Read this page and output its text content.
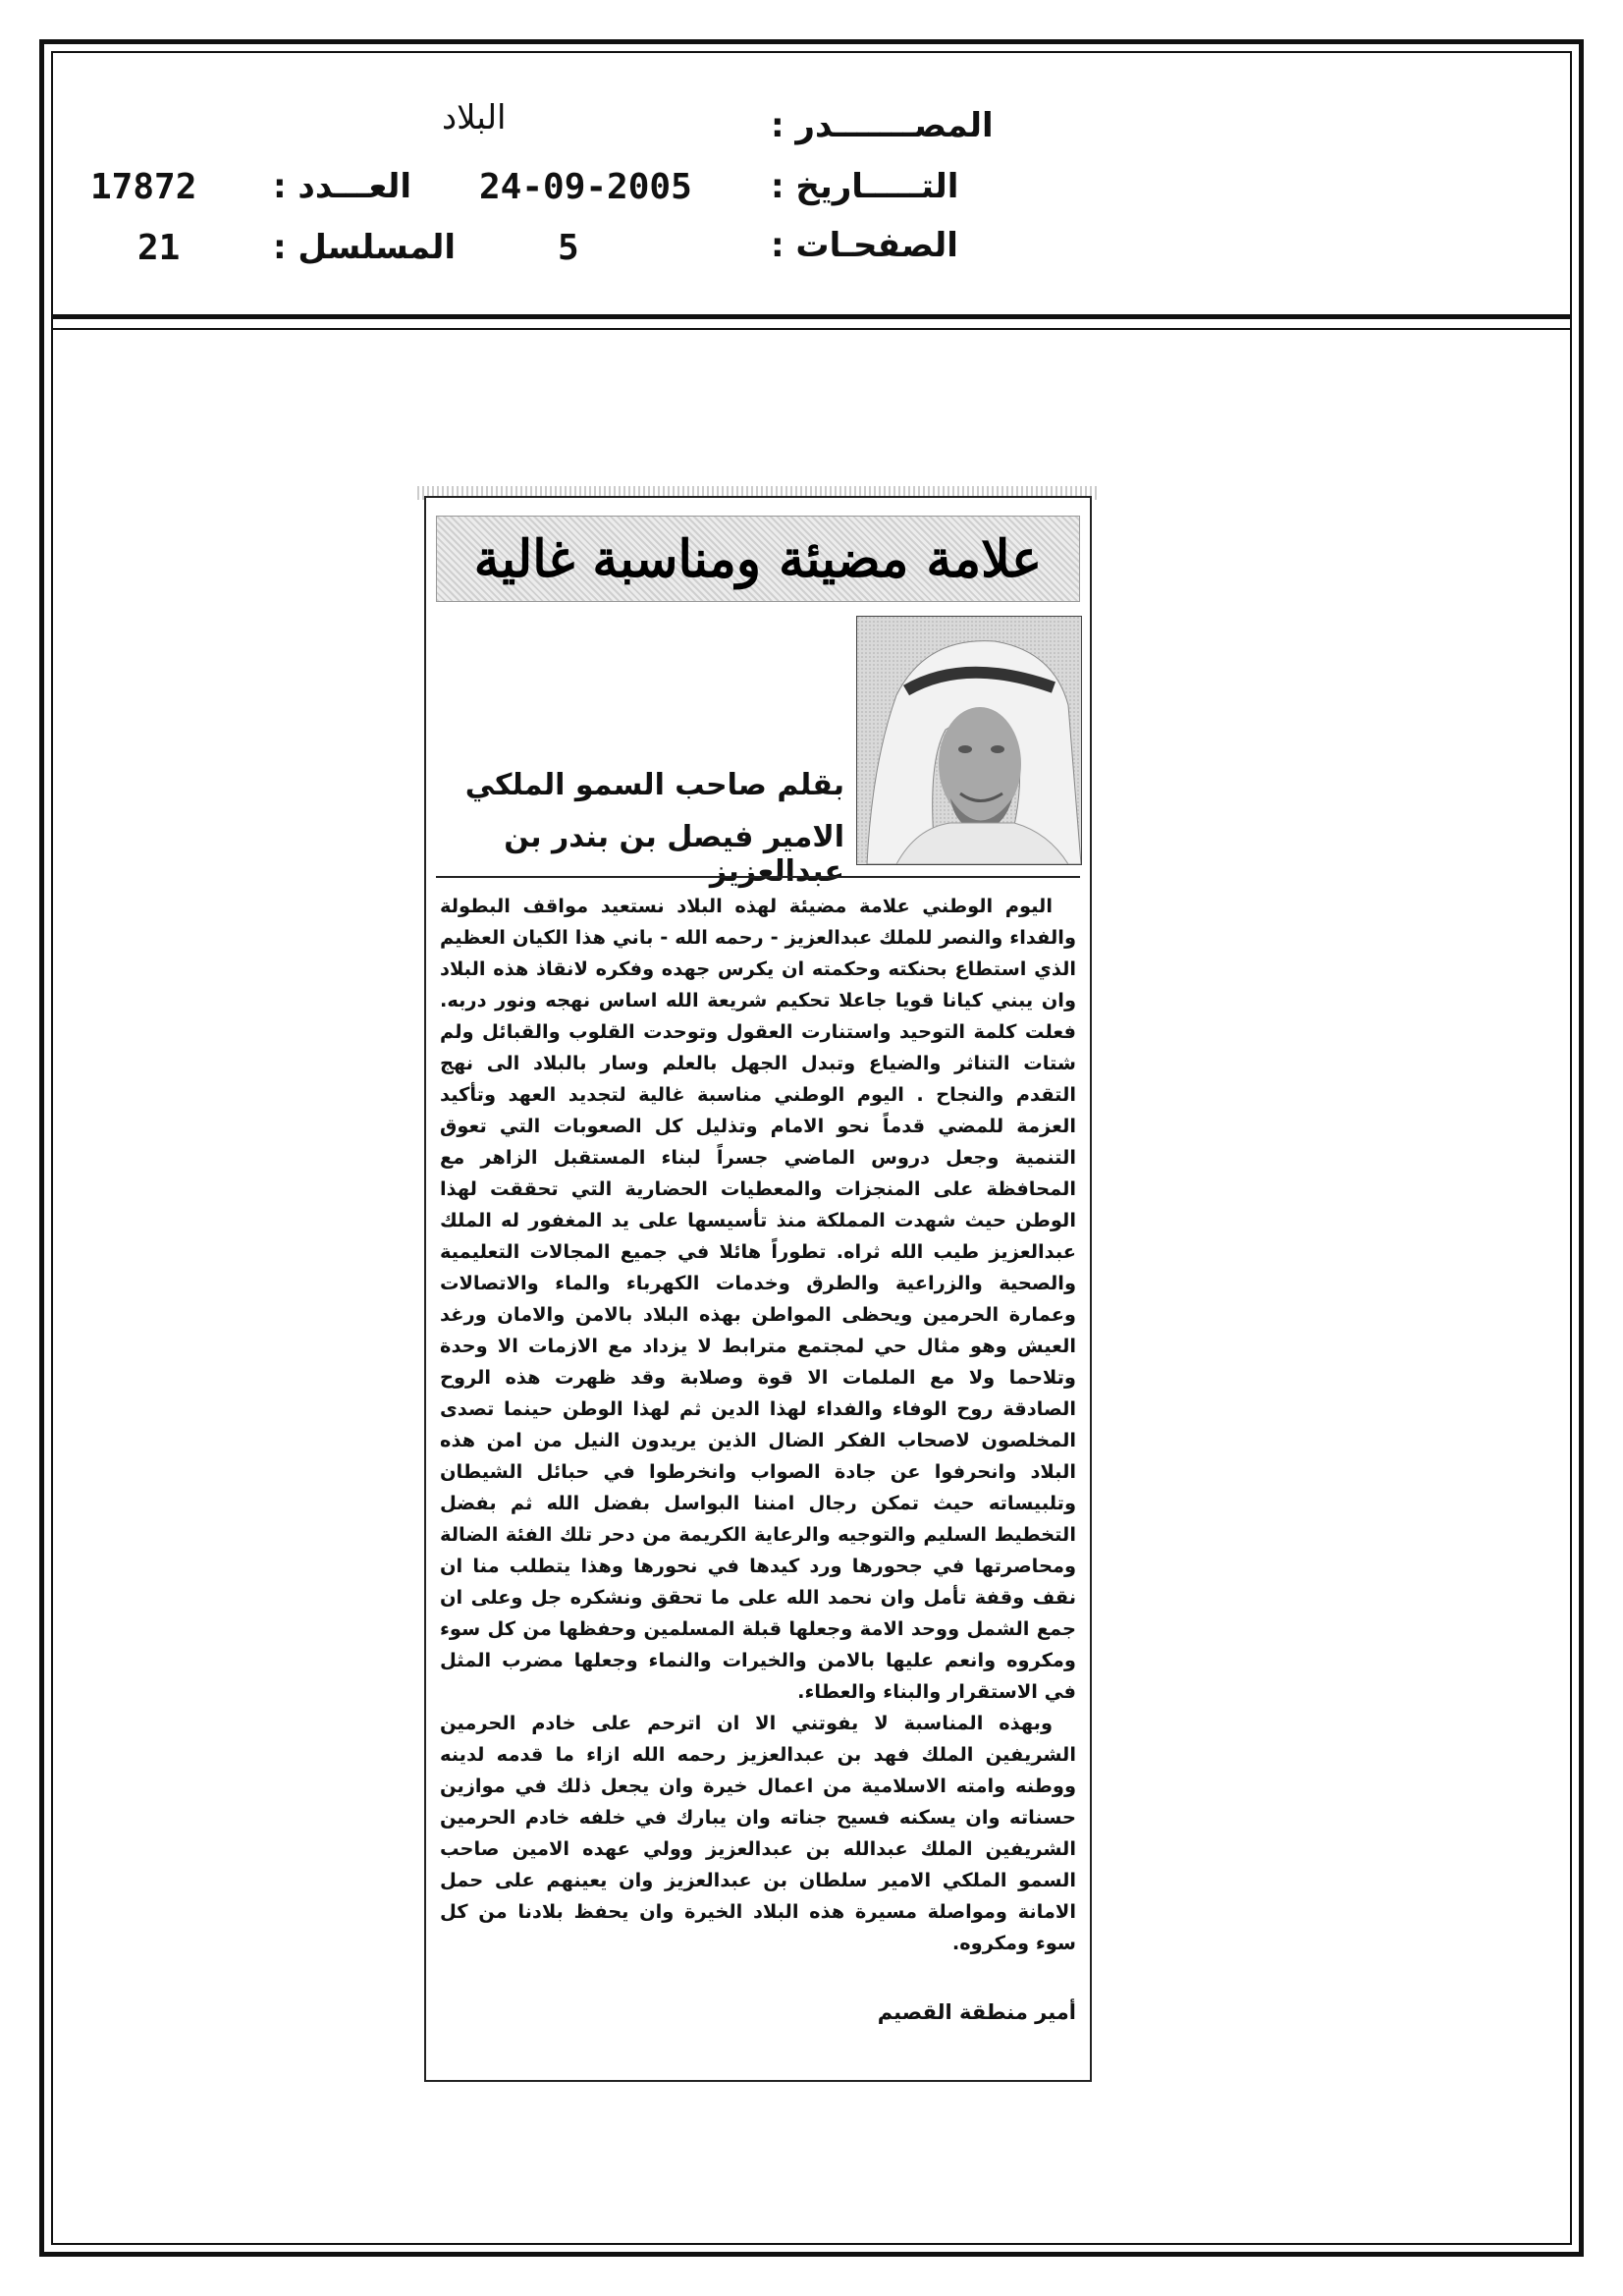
المصـــــــدر :
البلاد
التـــــاريخ :
24-09-2005
الصفحـات :
5
العـــدد :
17872
المسلسل :
21
علامة مضيئة ومناسبة غالية
بقلم صاحب السمو الملكي
الامير فيصل بن بندر بن عبدالعزيز

اليوم الوطني علامة مضيئة لهذه البلاد نستعيد مواقف البطولة والفداء والنصر للملك عبدالعزيز - رحمه الله - باني هذا الكيان العظيم الذي استطاع بحنكته وحكمته ان يكرس جهده وفكره لانقاذ هذه البلاد وان يبني كيانا قويا جاعلا تحكيم شريعة الله اساس نهجه ونور دربه. فعلت كلمة التوحيد واستنارت العقول وتوحدت القلوب والقبائل ولم شتات التناثر والضياع وتبدل الجهل بالعلم وسار بالبلاد الى نهج التقدم والنجاح . اليوم الوطني مناسبة غالية لتجديد العهد وتأكيد العزمة للمضي قدماً نحو الامام وتذليل كل الصعوبات التي تعوق التنمية وجعل دروس الماضي جسراً لبناء المستقبل الزاهر مع المحافظة على المنجزات والمعطيات الحضارية التي تحققت لهذا الوطن حيث شهدت المملكة منذ تأسيسها على يد المغفور له الملك عبدالعزيز طيب الله ثراه. تطوراً هائلا في جميع المجالات التعليمية والصحية والزراعية والطرق وخدمات الكهرباء والماء والاتصالات وعمارة الحرمين ويحظى المواطن بهذه البلاد بالامن والامان ورغد العيش وهو مثال حي لمجتمع مترابط لا يزداد مع الازمات الا وحدة وتلاحما ولا مع الملمات الا قوة وصلابة وقد ظهرت هذه الروح الصادقة روح الوفاء والفداء لهذا الدين ثم لهذا الوطن حينما تصدى المخلصون لاصحاب الفكر الضال الذين يريدون النيل من امن هذه البلاد وانحرفوا عن جادة الصواب وانخرطوا في حبائل الشيطان وتلبيساته حيث تمكن رجال امننا البواسل بفضل الله ثم بفضل التخطيط السليم والتوجيه والرعاية الكريمة من دحر تلك الفئة الضالة ومحاصرتها في جحورها ورد كيدها في نحورها وهذا يتطلب منا ان نقف وقفة تأمل وان نحمد الله على ما تحقق ونشكره جل وعلى ان جمع الشمل ووحد الامة وجعلها قبلة المسلمين وحفظها من كل سوء ومكروه وانعم عليها بالامن والخيرات والنماء وجعلها مضرب المثل في الاستقرار والبناء والعطاء.

وبهذه المناسبة لا يفوتني الا ان اترحم على خادم الحرمين الشريفين الملك فهد بن عبدالعزيز رحمه الله ازاء ما قدمه لدينه ووطنه وامته الاسلامية من اعمال خيرة وان يجعل ذلك في موازين حسناته وان يسكنه فسيح جناته وان يبارك في خلفه خادم الحرمين الشريفين الملك عبدالله بن عبدالعزيز وولي عهده الامين صاحب السمو الملكي الامير سلطان بن عبدالعزيز وان يعينهم على حمل الامانة ومواصلة مسيرة هذه البلاد الخيرة وان يحفظ بلادنا من كل سوء ومكروه.

أمير منطقة القصيم
